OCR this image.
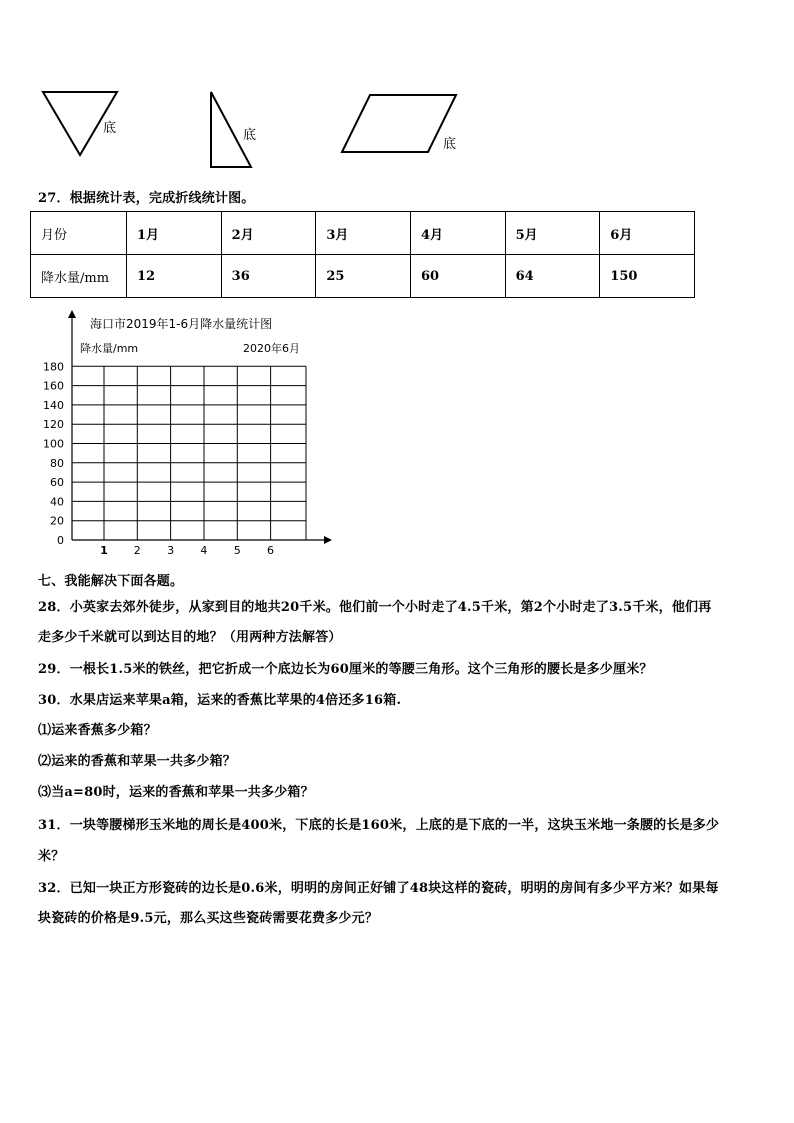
底	底
底
27．根据统计表，完成折线统计图。
月份	1月	2月	3月	4月	5月	6月
降水量/mm	12	36	25	60	64	150
海口市2019年1-6月降水量统计图
降水量/mm	2020年6月
0
20
40
60
80
100
120
140
160
180
1 2 3 4 5 6
七、我能解决下面各题。
28．小英家去郊外徒步，从家到目的地共20千米。他们前一个小时走了4.5千米，第2个小时走了3.5千米，他们再
走多少千米就可以到达目的地？（用两种方法解答）
29．一根长1.5米的铁丝，把它折成一个底边长为60厘米的等腰三角形。这个三角形的腰长是多少厘米？
30．水果店运来苹果a箱，运来的香蕉比苹果的4倍还多16箱.
⑴运来香蕉多少箱？
⑵运来的香蕉和苹果一共多少箱？
⑶当a=80时，运来的香蕉和苹果一共多少箱？
31．一块等腰梯形玉米地的周长是400米，下底的长是160米，上底的是下底的一半，这块玉米地一条腰的长是多少
米？
32．已知一块正方形瓷砖的边长是0.6米，明明的房间正好铺了48块这样的瓷砖，明明的房间有多少平方米？如果每
块瓷砖的价格是9.5元，那么买这些瓷砖需要花费多少元？
